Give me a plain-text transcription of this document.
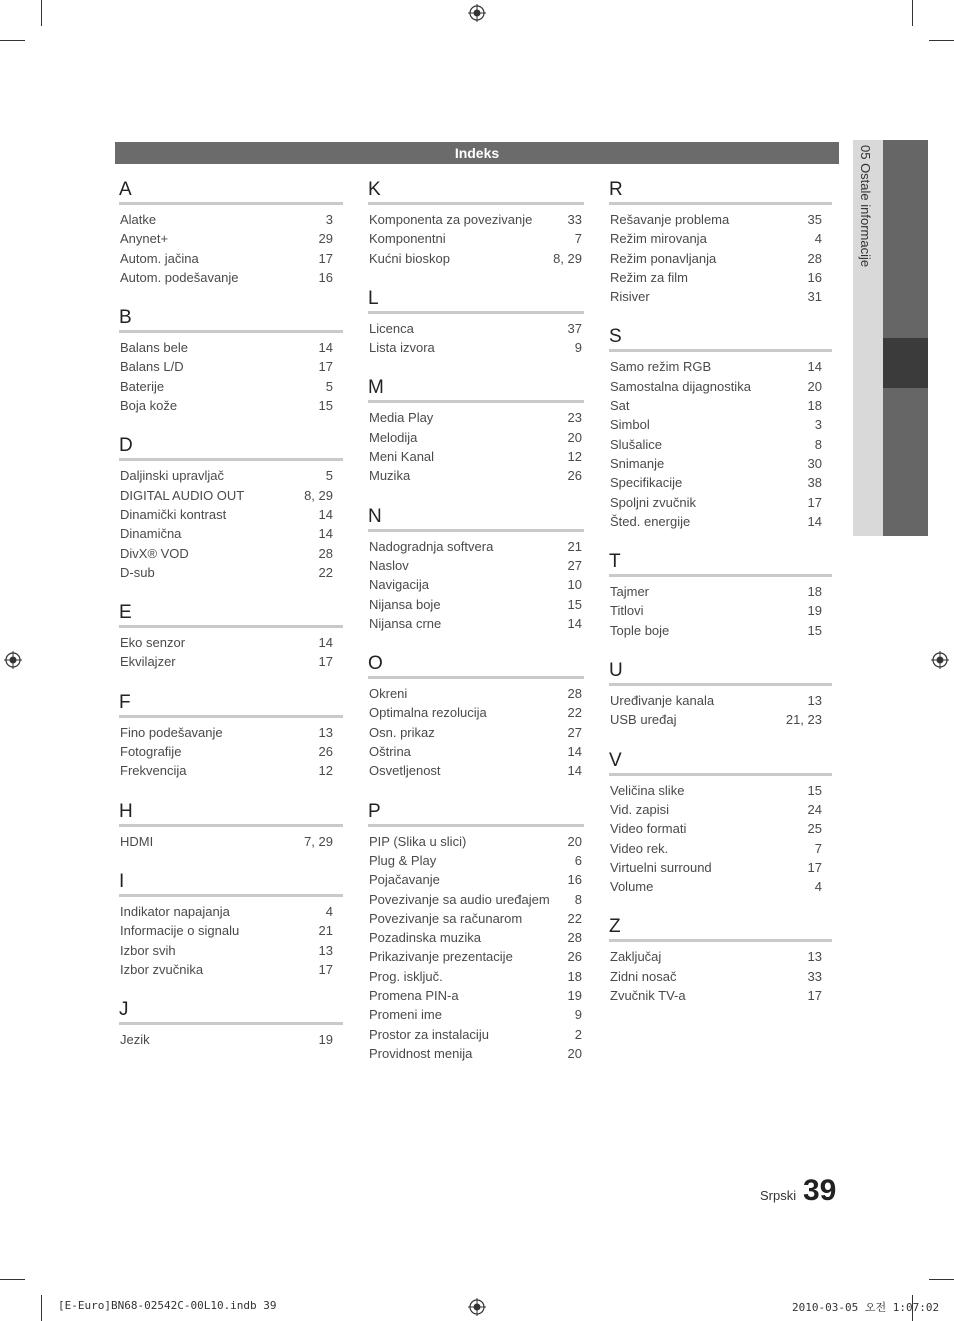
05 Ostale informacije
Indeks
A
Alatke	3
Anynet+	29
Autom. jačina	17
Autom. podešavanje	16
B
Balans bele	14
Balans L/D	17
Baterije	5
Boja kože	15
D
Daljinski upravljač	5
DIGITAL AUDIO OUT	8, 29
Dinamički kontrast	14
Dinamična	14
DivX® VOD	28
D-sub	22
E
Eko senzor	14
Ekvilajzer	17
F
Fino podešavanje	13
Fotografije	26
Frekvencija	12
H
HDMI	7, 29
I
Indikator napajanja	4
Informacije o signalu	21
Izbor svih	13
Izbor zvučnika	17
J
Jezik	19
K
Komponenta za povezivanje	33
Komponentni	7
Kućni bioskop	8, 29
L
Licenca	37
Lista izvora	9
M
Media Play	23
Melodija	20
Meni Kanal	12
Muzika	26
N
Nadogradnja softvera	21
Naslov	27
Navigacija	10
Nijansa boje	15
Nijansa crne	14
O
Okreni	28
Optimalna rezolucija	22
Osn. prikaz	27
Oštrina	14
Osvetljenost	14
P
PIP (Slika u slici)	20
Plug & Play	6
Pojačavanje	16
Povezivanje sa audio uređajem 8
Povezivanje sa računarom	22
Pozadinska muzika	28
Prikazivanje prezentacije	26
Prog. isključ.	18
Promena PIN-a	19
Promeni ime	9
Prostor za instalaciju	2
Providnost menija	20
R
Rešavanje problema	35
Režim mirovanja	4
Režim ponavljanja	28
Režim za film	16
Risiver	31
S
Samo režim RGB	14
Samostalna dijagnostika	20
Sat	18
Simbol	3
Slušalice	8
Snimanje	30
Specifikacije	38
Spoljni zvučnik	17
Šted. energije	14
T
Tajmer	18
Titlovi	19
Tople boje	15
U
Uređivanje kanala	13
USB uređaj	21, 23
V
Veličina slike	15
Vid. zapisi	24
Video formati	25
Video rek.	7
Virtuelni surround	17
Volume	4
Z
Zaključaj	13
Zidni nosač	33
Zvučnik TV-a	17
Srpski 39
[E-Euro]BN68-02542C-00L10.indb 39	2010-03-05 오전 1:07:02
